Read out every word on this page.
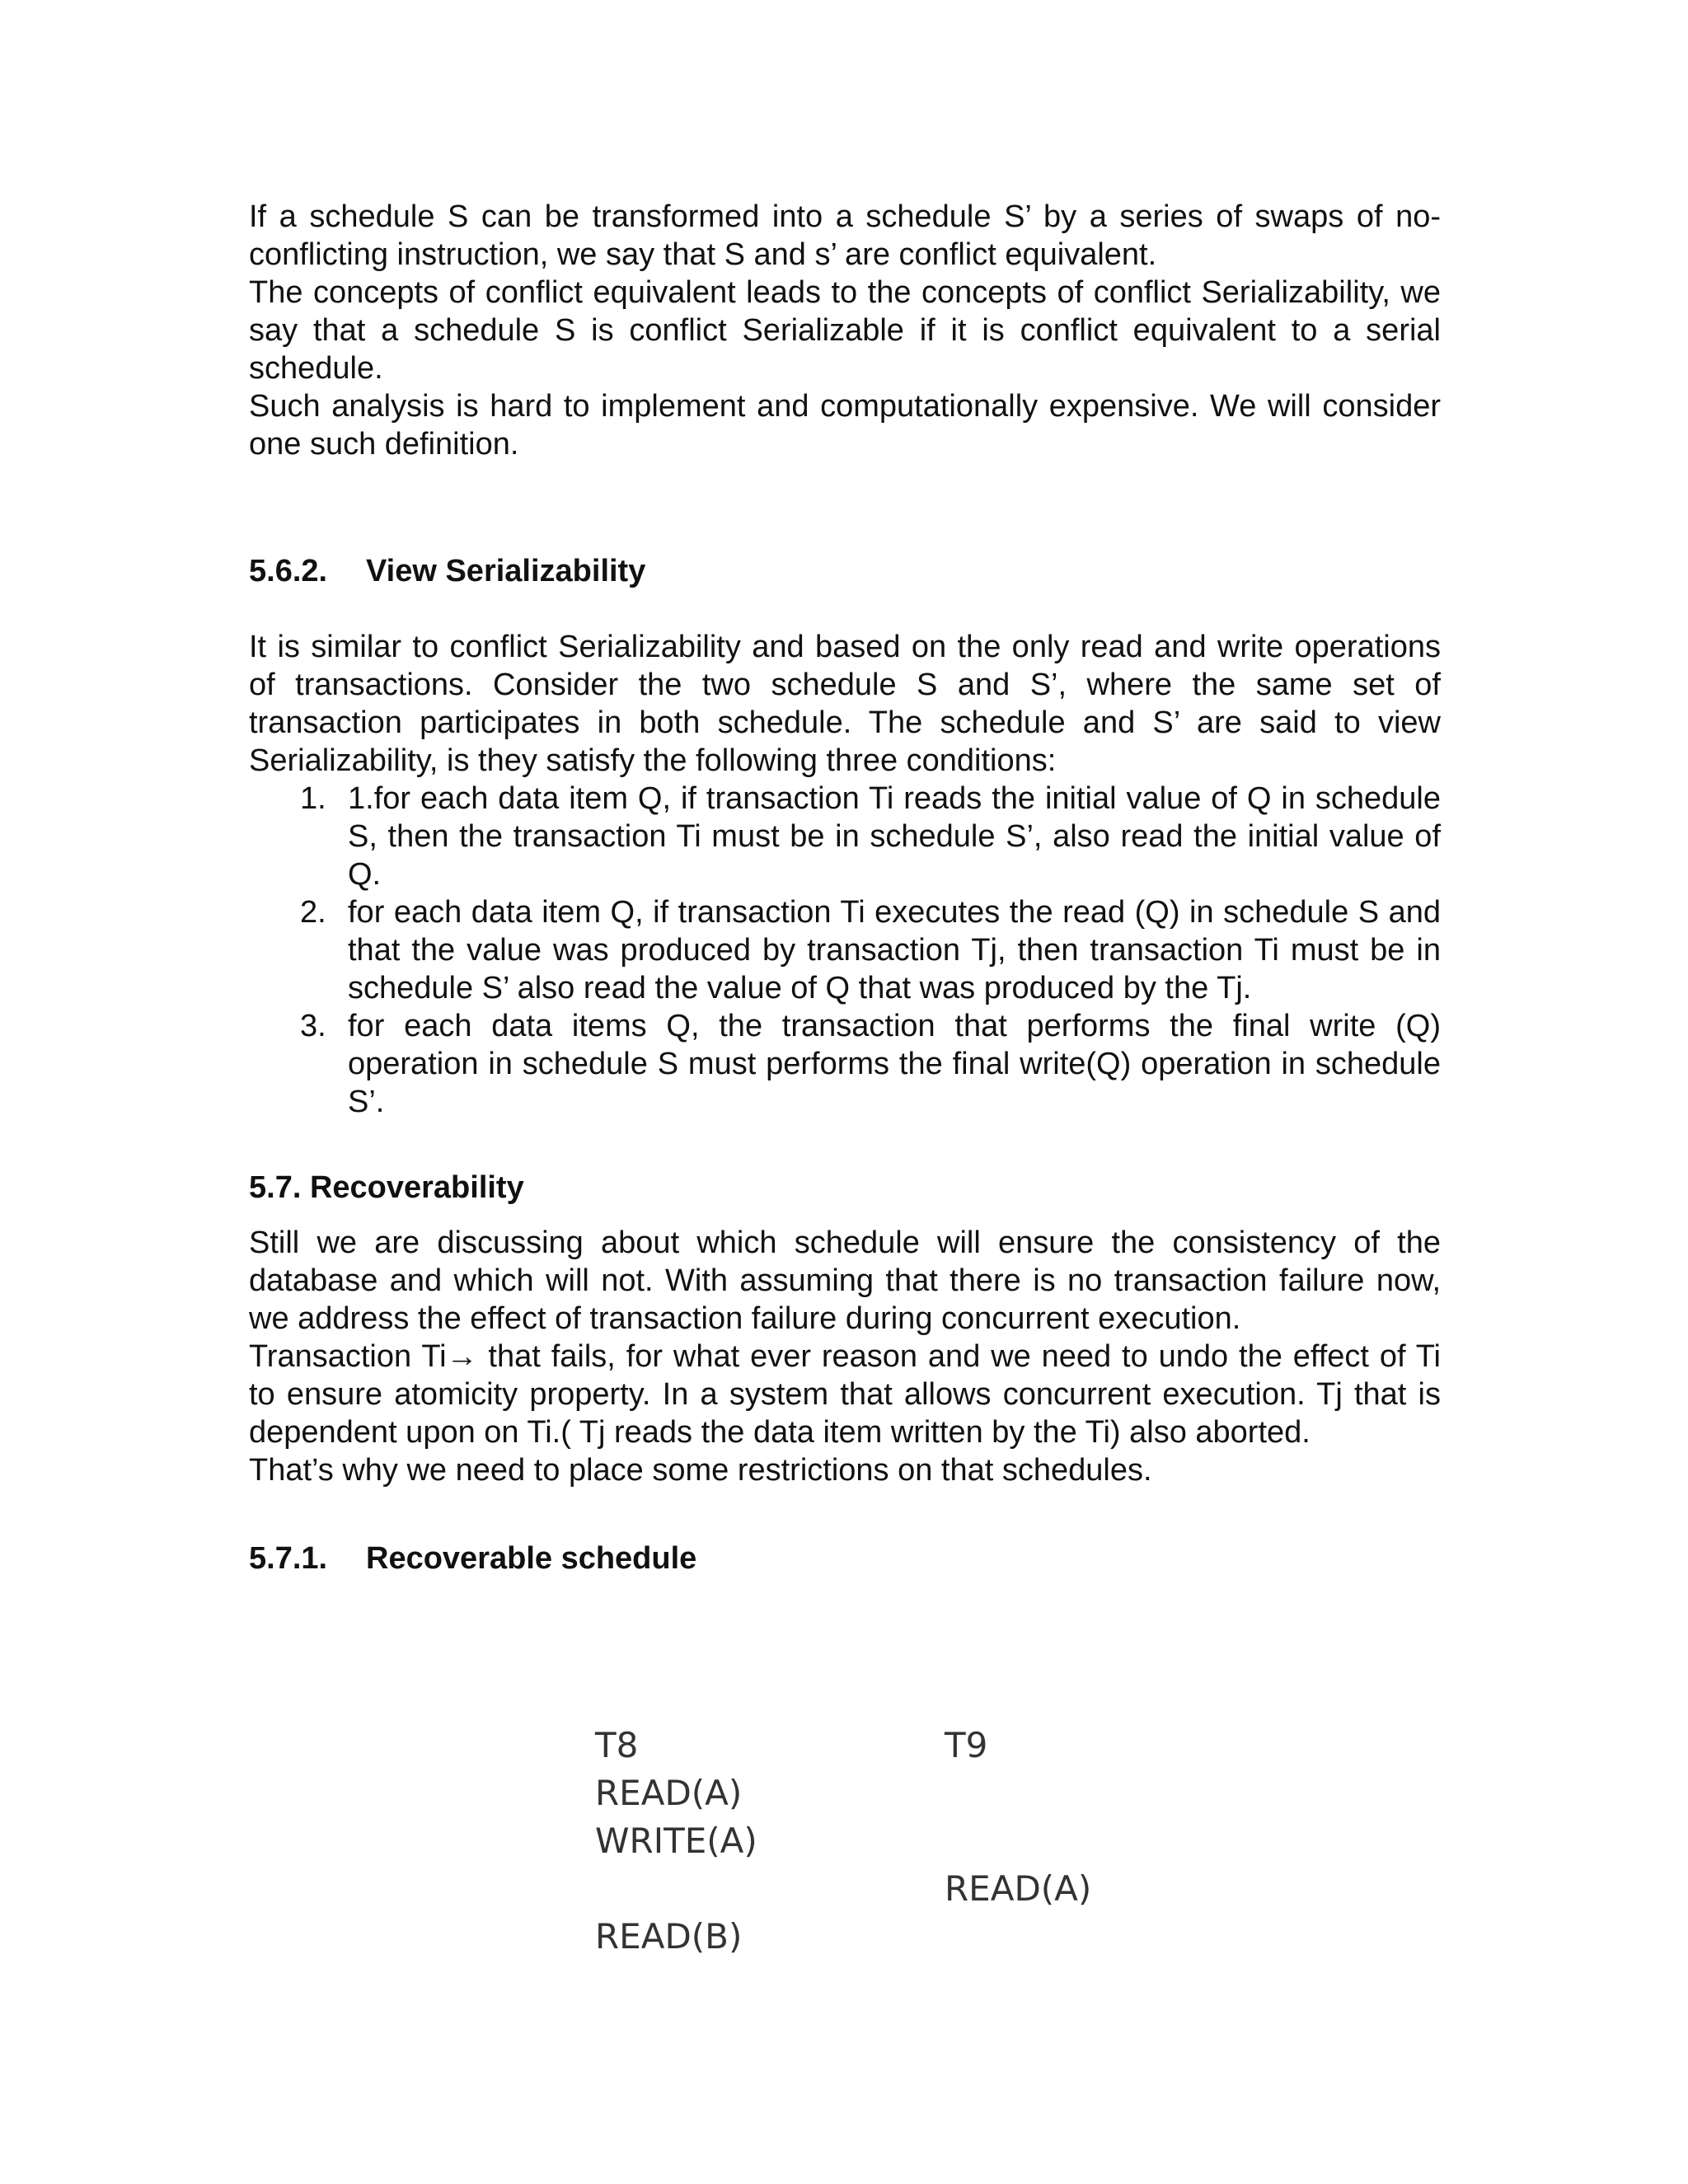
If a schedule S can be transformed into a schedule S’ by a series of swaps of no-conflicting instruction, we say that S and s’ are conflict equivalent.

The concepts of conflict equivalent leads to the concepts of conflict Serializability, we say that a schedule S is conflict Serializable if it is conflict equivalent to a serial schedule.

Such analysis is hard to implement and computationally expensive. We will consider one such definition.

5.6.2. View Serializability

It is similar to conflict Serializability and based on the only read and write operations of transactions. Consider the two schedule S and S’, where the same set of transaction participates in both schedule. The schedule and S’ are said to view Serializability, is they satisfy the following three conditions:

1. 1.for each data item Q, if transaction Ti reads the initial value of Q in schedule S, then the transaction Ti must be in schedule S’, also read the initial value of Q.
2. for each data item Q, if transaction Ti executes the read (Q) in schedule S and that the value was produced by transaction Tj, then transaction Ti must be in schedule S’ also read the value of Q that was produced by the Tj.
3. for each data items Q, the transaction that performs the final write (Q) operation in schedule S must performs the final write(Q) operation in schedule S’.
5.7. Recoverability

Still we are discussing about which schedule will ensure the consistency of the database and which will not. With assuming that there is no transaction failure now, we address the effect of transaction failure during concurrent execution.

Transaction Ti→ that fails, for what ever reason and we need to undo the effect of Ti to ensure atomicity property. In a system that allows concurrent execution. Tj that is dependent upon on Ti.( Tj reads the data item written by the Ti) also aborted.

That’s why we need to place some restrictions on that schedules.

5.7.1. Recoverable schedule
T8
READ(A)
WRITE(A)
READ(B)
T9
READ(A)
